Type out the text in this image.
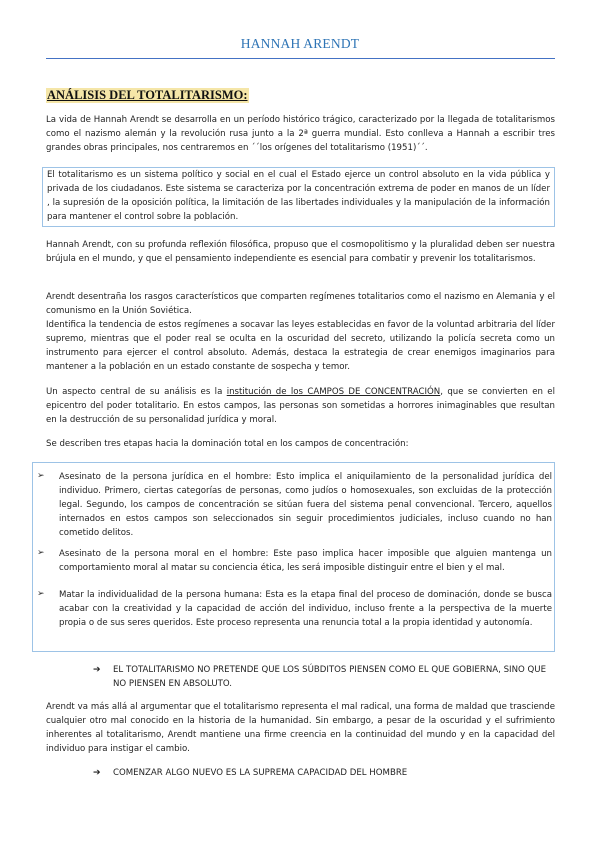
HANNAH ARENDT
ANÁLISIS DEL TOTALITARISMO:

La vida de Hannah Arendt se desarrolla en un período histórico trágico, caracterizado por la llegada de totalitarismos como el nazismo alemán y la revolución rusa junto a la 2ª guerra mundial. Esto conlleva a Hannah a escribir tres grandes obras principales, nos centraremos en ´´los orígenes del totalitarismo (1951)´´.

El totalitarismo es un sistema político y social en el cual el Estado ejerce un control absoluto en la vida pública y privada de los ciudadanos. Este sistema se caracteriza por la concentración extrema de poder en manos de un líder , la supresión de la oposición política, la limitación de las libertades individuales y la manipulación de la información para mantener el control sobre la población.

Hannah Arendt, con su profunda reflexión filosófica, propuso que el cosmopolitismo y la pluralidad deben ser nuestra brújula en el mundo, y que el pensamiento independiente es esencial para combatir y prevenir los totalitarismos.

Arendt desentraña los rasgos característicos que comparten regímenes totalitarios como el nazismo en Alemania y el comunismo en la Unión Soviética.

Identifica la tendencia de estos regímenes a socavar las leyes establecidas en favor de la voluntad arbitraria del líder supremo, mientras que el poder real se oculta en la oscuridad del secreto, utilizando la policía secreta como un instrumento para ejercer el control absoluto. Además, destaca la estrategia de crear enemigos imaginarios para mantener a la población en un estado constante de sospecha y temor.

Un aspecto central de su análisis es la institución de los CAMPOS DE CONCENTRACIÓN, que se convierten en el epicentro del poder totalitario. En estos campos, las personas son sometidas a horrores inimaginables que resultan en la destrucción de su personalidad jurídica y moral.

Se describen tres etapas hacia la dominación total en los campos de concentración:

➢ Asesinato de la persona jurídica en el hombre: Esto implica el aniquilamiento de la personalidad jurídica del individuo. Primero, ciertas categorías de personas, como judíos o homosexuales, son excluidas de la protección legal. Segundo, los campos de concentración se sitúan fuera del sistema penal convencional. Tercero, aquellos internados en estos campos son seleccionados sin seguir procedimientos judiciales, incluso cuando no han cometido delitos.

➢ Asesinato de la persona moral en el hombre: Este paso implica hacer imposible que alguien mantenga un comportamiento moral al matar su conciencia ética, les será imposible distinguir entre el bien y el mal.

➢ Matar la individualidad de la persona humana: Esta es la etapa final del proceso de dominación, donde se busca acabar con la creatividad y la capacidad de acción del individuo, incluso frente a la perspectiva de la muerte propia o de sus seres queridos. Este proceso representa una renuncia total a la propia identidad y autonomía.

➔ EL TOTALITARISMO NO PRETENDE QUE LOS SÚBDITOS PIENSEN COMO EL QUE GOBIERNA, SINO QUE NO PIENSEN EN ABSOLUTO.

Arendt va más allá al argumentar que el totalitarismo representa el mal radical, una forma de maldad que trasciende cualquier otro mal conocido en la historia de la humanidad. Sin embargo, a pesar de la oscuridad y el sufrimiento inherentes al totalitarismo, Arendt mantiene una firme creencia en la continuidad del mundo y en la capacidad del individuo para instigar el cambio.

➔ COMENZAR ALGO NUEVO ES LA SUPREMA CAPACIDAD DEL HOMBRE
